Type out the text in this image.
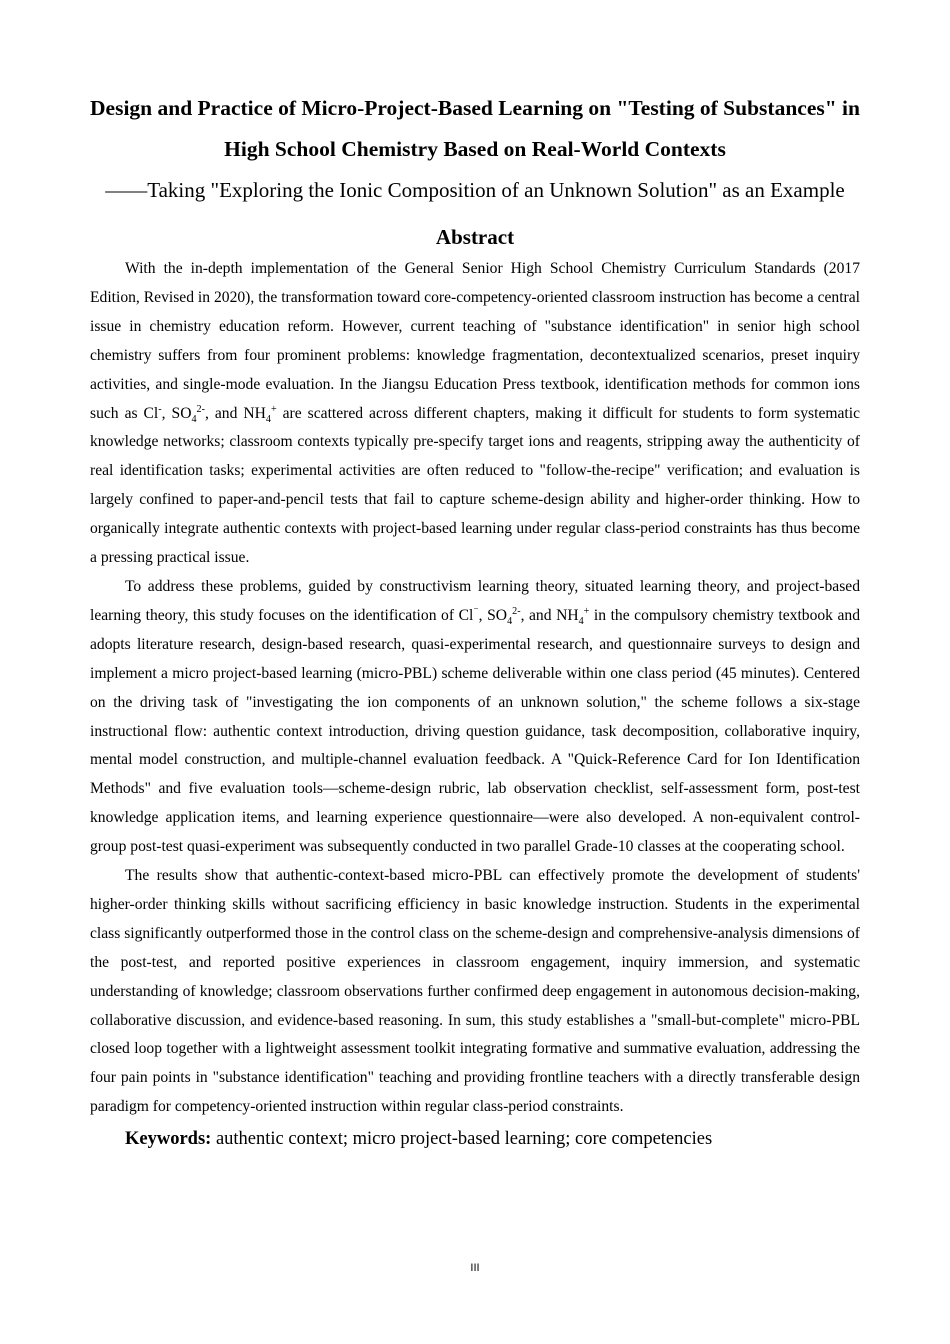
Design and Practice of Micro-Project-Based Learning on "Testing of Substances" in High School Chemistry Based on Real-World Contexts

——Taking "Exploring the Ionic Composition of an Unknown Solution" as an Example

Abstract

With the in-depth implementation of the General Senior High School Chemistry Curriculum Standards (2017 Edition, Revised in 2020), the transformation toward core-competency-oriented classroom instruction has become a central issue in chemistry education reform. However, current teaching of "substance identification" in senior high school chemistry suffers from four prominent problems: knowledge fragmentation, decontextualized scenarios, preset inquiry activities, and single-mode evaluation. In the Jiangsu Education Press textbook, identification methods for common ions such as Cl-, $SO_4^{2-}$, and $NH_4^+$ are scattered across different chapters, making it difficult for students to form systematic knowledge networks; classroom contexts typically pre-specify target ions and reagents, stripping away the authenticity of real identification tasks; experimental activities are often reduced to "follow-the-recipe" verification; and evaluation is largely confined to paper-and-pencil tests that fail to capture scheme-design ability and higher-order thinking. How to organically integrate authentic contexts with project-based learning under regular class-period constraints has thus become a pressing practical issue.

To address these problems, guided by constructivism learning theory, situated learning theory, and project-based learning theory, this study focuses on the identification of Cl⁻, $SO_4^{2-}$, and $NH_4^+$ in the compulsory chemistry textbook and adopts literature research, design-based research, quasi-experimental research, and questionnaire surveys to design and implement a micro project-based learning (micro-PBL) scheme deliverable within one class period (45 minutes). Centered on the driving task of "investigating the ion components of an unknown solution," the scheme follows a six-stage instructional flow: authentic context introduction, driving question guidance, task decomposition, collaborative inquiry, mental model construction, and multiple-channel evaluation feedback. A "Quick-Reference Card for Ion Identification Methods" and five evaluation tools—scheme-design rubric, lab observation checklist, self-assessment form, post-test knowledge application items, and learning experience questionnaire—were also developed. A non-equivalent control-group post-test quasi-experiment was subsequently conducted in two parallel Grade-10 classes at the cooperating school.

The results show that authentic-context-based micro-PBL can effectively promote the development of students' higher-order thinking skills without sacrificing efficiency in basic knowledge instruction. Students in the experimental class significantly outperformed those in the control class on the scheme-design and comprehensive-analysis dimensions of the post-test, and reported positive experiences in classroom engagement, inquiry immersion, and systematic understanding of knowledge; classroom observations further confirmed deep engagement in autonomous decision-making, collaborative discussion, and evidence-based reasoning. In sum, this study establishes a "small-but-complete" micro-PBL closed loop together with a lightweight assessment toolkit integrating formative and summative evaluation, addressing the four pain points in "substance identification" teaching and providing frontline teachers with a directly transferable design paradigm for competency-oriented instruction within regular class-period constraints.

Keywords: authentic context; micro project-based learning; core competencies

III
